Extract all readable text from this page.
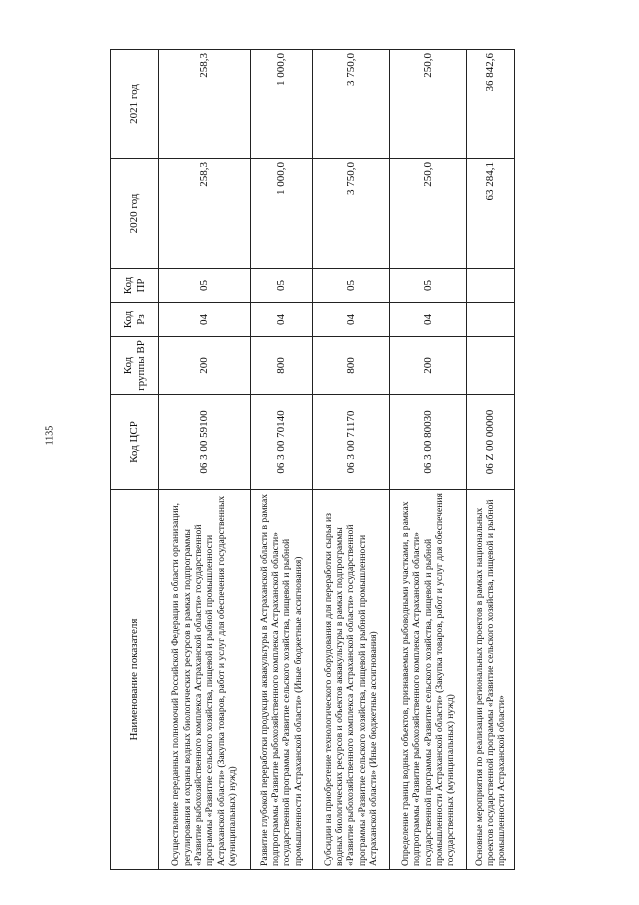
1135
Наименование показателя	Код ЦСР	Код группы ВР	Код Рз	Код ПР	2020 год	2021 год
Осуществление переданных полномочий Российской Федерации в области организации, регулирования и охраны водных биологических ресурсов в рамках подпрограммы «Развитие рыбохозяйственного комплекса Астраханской области» государственной программы «Развитие сельского хозяйства, пищевой и рыбной промышленности Астраханской области» (Закупка товаров, работ и услуг для обеспечения государственных (муниципальных) нужд)	06 3 00 59100	200	04	05	258,3	258,3
Развитие глубокой переработки продукции аквакультуры в Астраханской области в рамках подпрограммы «Развитие рыбохозяйственного комплекса Астраханской области» государственной программы «Развитие сельского хозяйства, пищевой и рыбной промышленности Астраханской области» (Иные бюджетные ассигнования)	06 3 00 70140	800	04	05	1 000,0	1 000,0
Субсидии на приобретение технологического оборудования для переработки сырья из водных биологических ресурсов и объектов аквакультуры в рамках подпрограммы «Развитие рыбохозяйственного комплекса Астраханской области» государственной программы «Развитие сельского хозяйства, пищевой и рыбной промышленности Астраханской области» (Иные бюджетные ассигнования)	06 3 00 71170	800	04	05	3 750,0	3 750,0
Определение границ водных объектов, признаваемых рыбоводными участками, в рамках подпрограммы «Развитие рыбохозяйственного комплекса Астраханской области» государственной программы «Развитие сельского хозяйства, пищевой и рыбной промышленности Астраханской области» (Закупка товаров, работ и услуг для обеспечения государственных (муниципальных) нужд)	06 3 00 80030	200	04	05	250,0	250,0
Основные мероприятия по реализации региональных проектов в рамках национальных проектов государственной программы «Развитие сельского хозяйства, пищевой и рыбной промышленности Астраханской области»	06 Z 00 00000				63 284,1	36 842,6
